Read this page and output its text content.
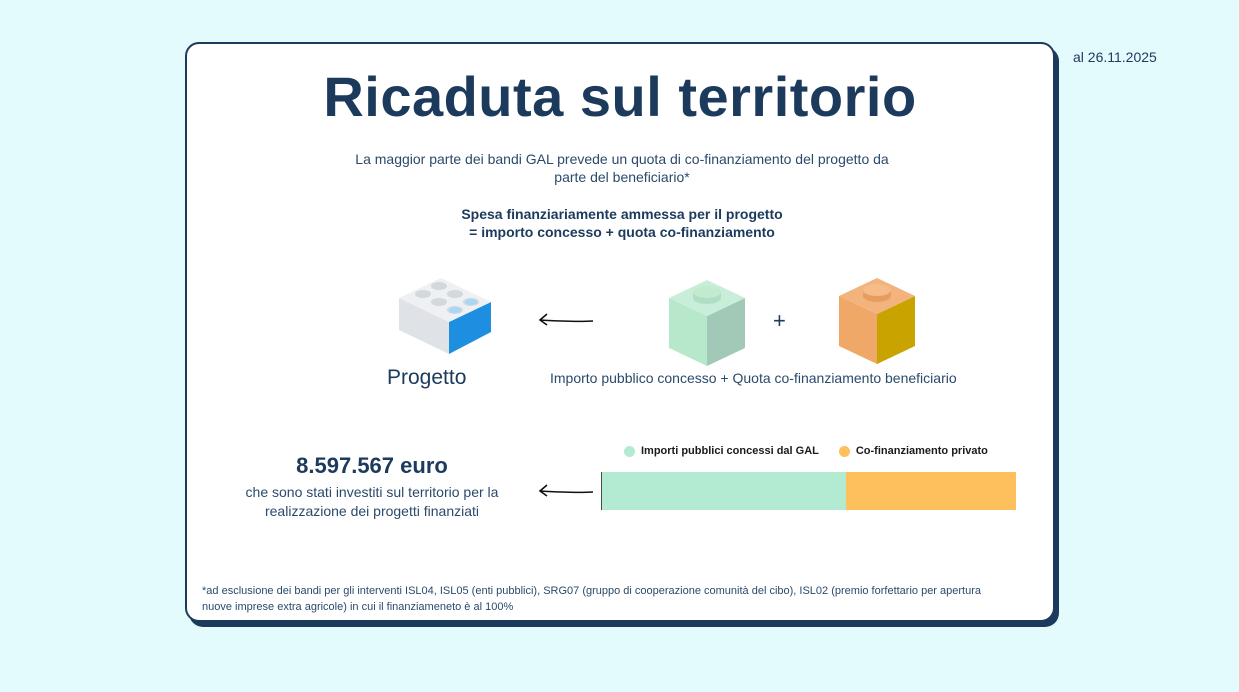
al 26.11.2025
Ricaduta sul territorio
La maggior parte dei bandi GAL prevede un quota di co-finanziamento del progetto da parte del beneficiario*
Spesa finanziariamente ammessa per il progetto
= importo concesso + quota co-finanziamento
+
Progetto	Importo pubblico concesso + Quota co-finanziamento beneficiario
Importi pubblici concessi dal GAL	Co-finanziamento privato
8.597.567 euro
che sono stati investiti sul territorio per la
realizzazione dei progetti finanziati
*ad esclusione dei bandi per gli interventi ISL04, ISL05 (enti pubblici), SRG07 (gruppo di cooperazione comunità del cibo), ISL02 (premio forfettario per apertura
nuove imprese extra agricole) in cui il finanziameneto è al 100%
